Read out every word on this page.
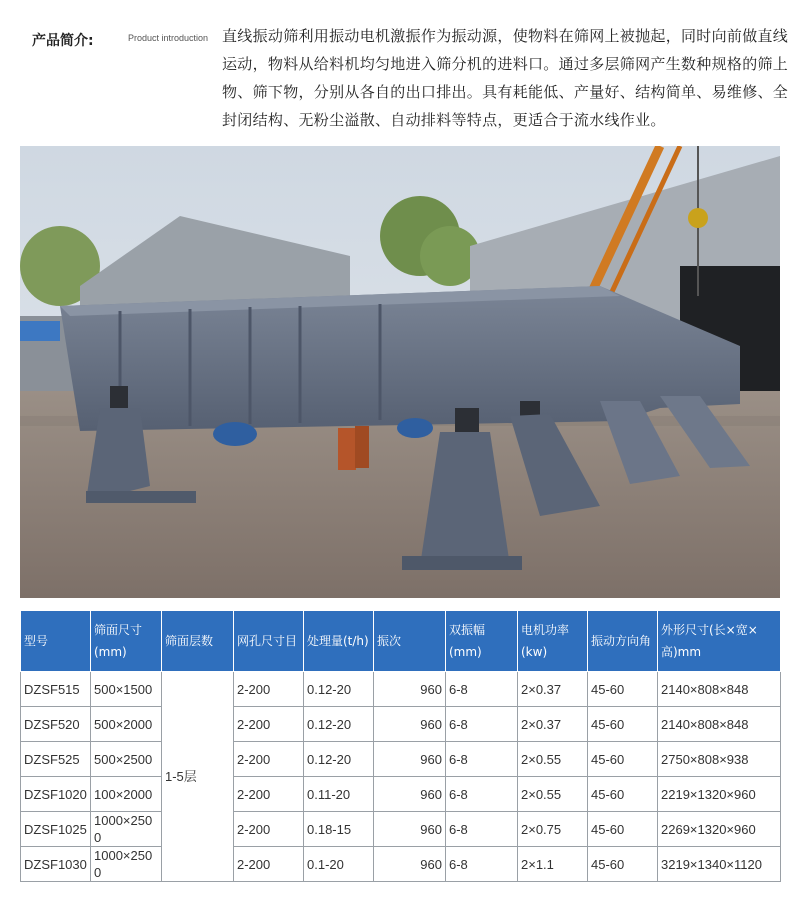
产品简介:	Product introduction 直线振动筛利用振动电机激振作为振动源，使物料在筛网上被抛起，同时向前做直线运动，物料从给料机均匀地进入筛分机的进料口。通过多层筛网产生数种规格的筛上物、筛下物，分别从各自的出口排出。具有耗能低、产量好、结构简单、易维修、全封闭结构、无粉尘溢散、自动排料等特点，更适合于流水线作业。
型号	筛面尺寸(mm)	筛面层数	网孔尺寸目	处理量(t/h)	振次	双振幅(mm)	电机功率(kw)	振动方向角	外形尺寸(长×宽×高)mm
DZSF515	500×1500	1-5层	2-200	0.12-20	960	6-8	2×0.37	45-60	2140×808×848
DZSF520	500×2000		2-200	0.12-20	960	6-8	2×0.37	45-60	2140×808×848
DZSF525	500×2500		2-200	0.12-20	960	6-8	2×0.55	45-60	2750×808×938
DZSF1020	100×2000		2-200	0.11-20	960	6-8	2×0.55	45-60	2219×1320×960
DZSF1025	1000×2500		2-200	0.18-15	960	6-8	2×0.75	45-60	2269×1320×960
DZSF1030	1000×2500		2-200	0.1-20	960	6-8	2×1.1	45-60	3219×1340×1120
